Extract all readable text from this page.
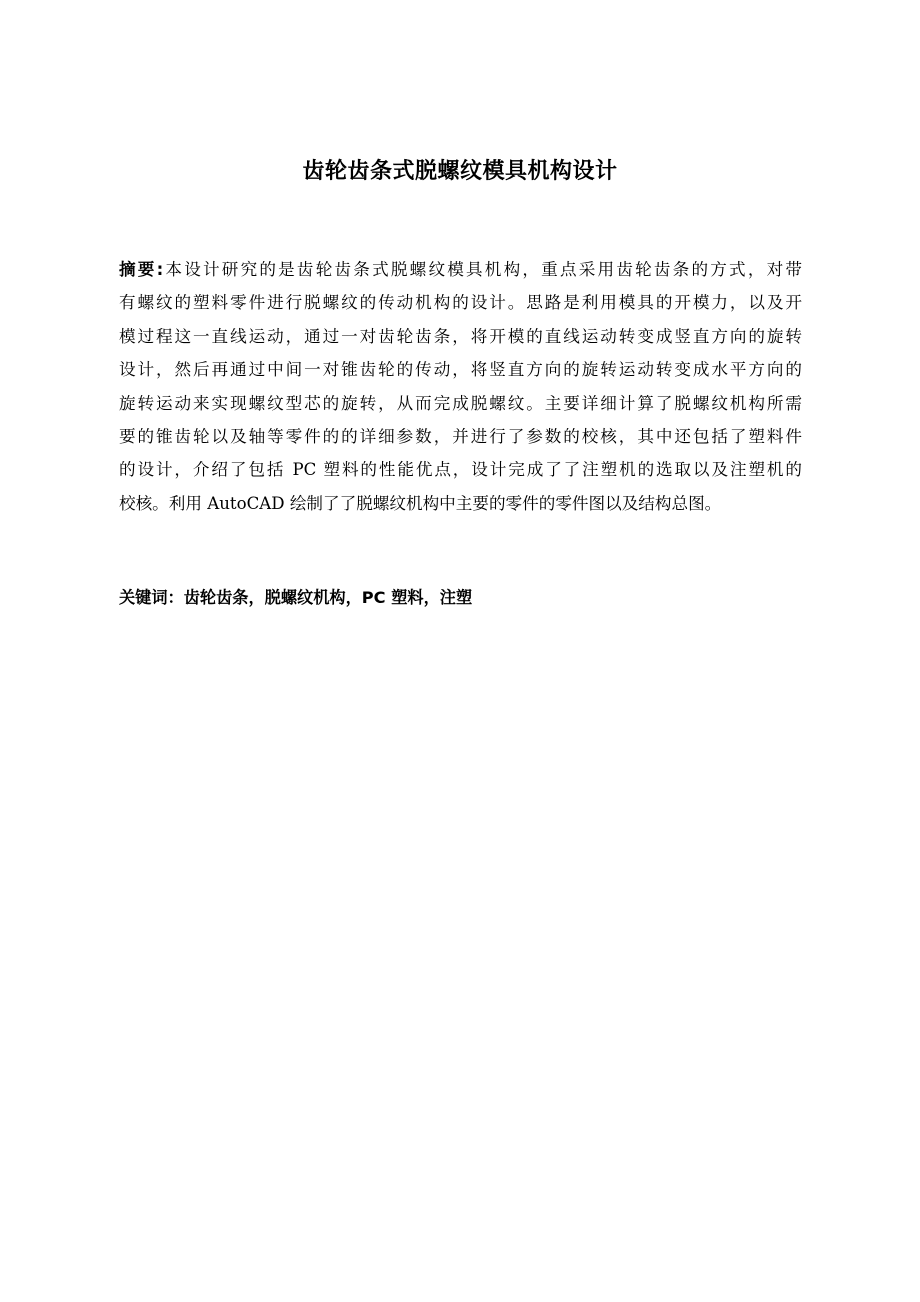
齿轮齿条式脱螺纹模具机构设计
摘要:本设计研究的是齿轮齿条式脱螺纹模具机构，重点采用齿轮齿条的方式，对带
有螺纹的塑料零件进行脱螺纹的传动机构的设计。思路是利用模具的开模力，以及开
模过程这一直线运动，通过一对齿轮齿条，将开模的直线运动转变成竖直方向的旋转
设计，然后再通过中间一对锥齿轮的传动，将竖直方向的旋转运动转变成水平方向的
旋转运动来实现螺纹型芯的旋转，从而完成脱螺纹。主要详细计算了脱螺纹机构所需
要的锥齿轮以及轴等零件的的详细参数，并进行了参数的校核，其中还包括了塑料件
的设计，介绍了包括 PC 塑料的性能优点，设计完成了了注塑机的选取以及注塑机的
校核。利用 AutoCAD 绘制了了脱螺纹机构中主要的零件的零件图以及结构总图。
关键词：齿轮齿条，脱螺纹机构，PC 塑料，注塑
